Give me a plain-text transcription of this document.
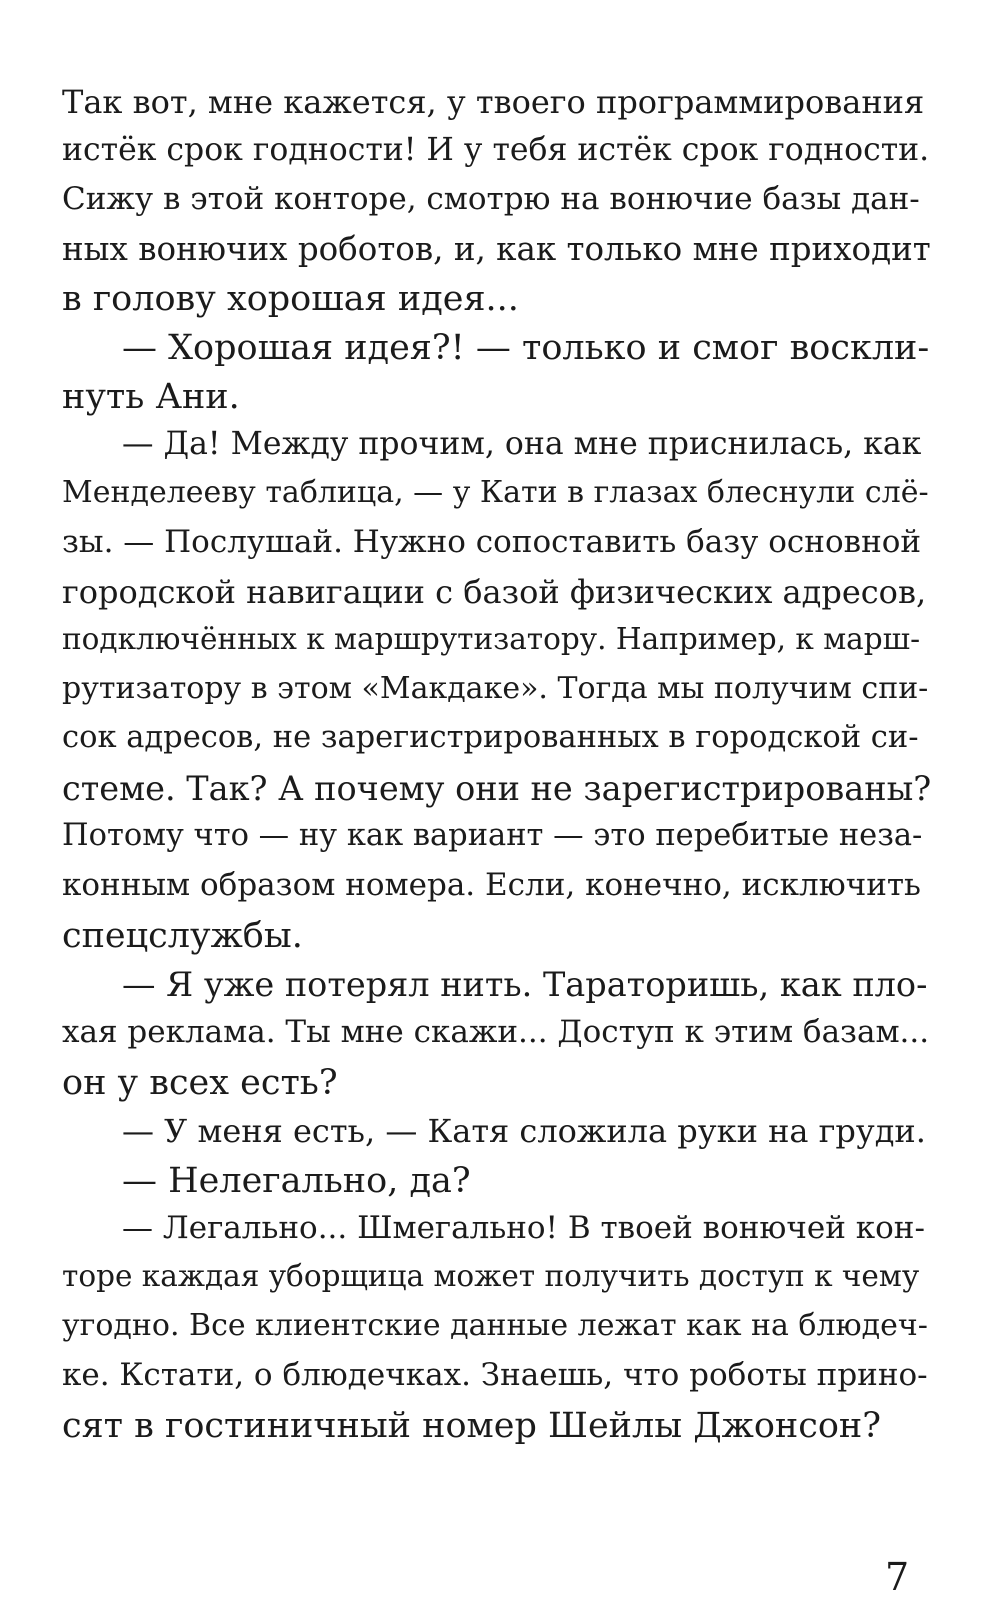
Так вот, мне кажется, у твоего программирования
истёк срок годности! И у тебя истёк срок годности.
Сижу в этой конторе, смотрю на вонючие базы дан-
ных вонючих роботов, и, как только мне приходит
в голову хорошая идея...
— Хорошая идея?! — только и смог воскли-
нуть Ани.
— Да! Между прочим, она мне приснилась, как
Менделееву таблица, — у Кати в глазах блеснули слё-
зы. — Послушай. Нужно сопоставить базу основной
городской навигации с базой физических адресов,
подключённых к маршрутизатору. Например, к марш-
рутизатору в этом «Макдаке». Тогда мы получим спи-
сок адресов, не зарегистрированных в городской си-
стеме. Так? А почему они не зарегистрированы?
Потому что — ну как вариант — это перебитые неза-
конным образом номера. Если, конечно, исключить
спецслужбы.
— Я уже потерял нить. Тараторишь, как пло-
хая реклама. Ты мне скажи... Доступ к этим базам...
он у всех есть?
— У меня есть, — Катя сложила руки на груди.
— Нелегально, да?
— Легально... Шмегально! В твоей вонючей кон-
торе каждая уборщица может получить доступ к чему
угодно. Все клиентские данные лежат как на блюдеч-
ке. Кстати, о блюдечках. Знаешь, что роботы прино-
сят в гостиничный номер Шейлы Джонсон?
7
